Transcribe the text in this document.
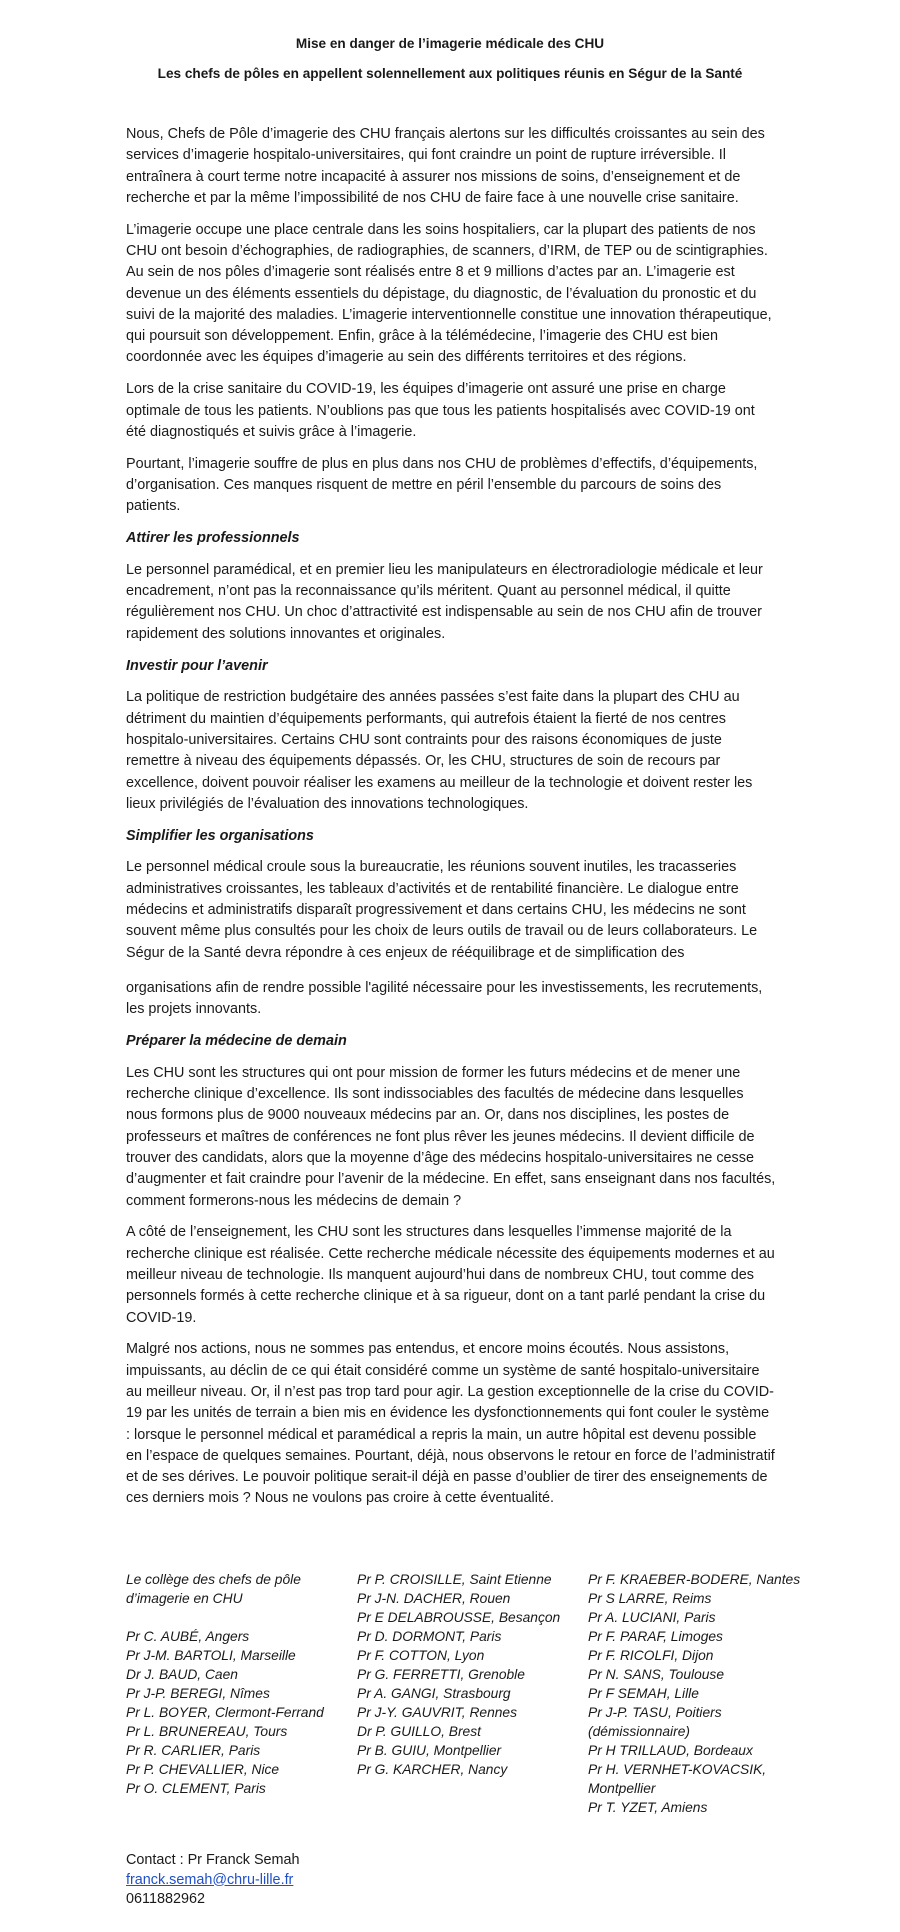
Mise en danger de l’imagerie médicale des CHU
Les chefs de pôles en appellent solennellement aux politiques réunis en Ségur de la Santé

Nous, Chefs de Pôle d’imagerie des CHU français alertons sur les difficultés croissantes au sein des services d’imagerie hospitalo-universitaires, qui font craindre un point de rupture irréversible. Il entraînera à court terme notre incapacité à assurer nos missions de soins, d’enseignement et de recherche et par la même l’impossibilité de nos CHU de faire face à une nouvelle crise sanitaire.

L’imagerie occupe une place centrale dans les soins hospitaliers, car la plupart des patients de nos CHU ont besoin d’échographies, de radiographies, de scanners, d’IRM, de TEP ou de scintigraphies. Au sein de nos pôles d’imagerie sont réalisés entre 8 et 9 millions d’actes par an. L’imagerie est devenue un des éléments essentiels du dépistage, du diagnostic, de l’évaluation du pronostic et du suivi de la majorité des maladies. L’imagerie interventionnelle constitue une innovation thérapeutique, qui poursuit son développement. Enfin, grâce à la télémédecine, l’imagerie des CHU est bien coordonnée avec les équipes d’imagerie au sein des différents territoires et des régions.

Lors de la crise sanitaire du COVID-19, les équipes d’imagerie ont assuré une prise en charge optimale de tous les patients. N’oublions pas que tous les patients hospitalisés avec COVID-19 ont été diagnostiqués et suivis grâce à l’imagerie.

Pourtant, l’imagerie souffre de plus en plus dans nos CHU de problèmes d’effectifs, d’équipements, d’organisation. Ces manques risquent de mettre en péril l’ensemble du parcours de soins des patients.

Attirer les professionnels

Le personnel paramédical, et en premier lieu les manipulateurs en électroradiologie médicale et leur encadrement, n’ont pas la reconnaissance qu’ils méritent. Quant au personnel médical, il quitte régulièrement nos CHU. Un choc d’attractivité est indispensable au sein de nos CHU afin de trouver rapidement des solutions innovantes et originales.

Investir pour l’avenir

La politique de restriction budgétaire des années passées s’est faite dans la plupart des CHU au détriment du maintien d’équipements performants, qui autrefois étaient la fierté de nos centres hospitalo-universitaires. Certains CHU sont contraints pour des raisons économiques de juste remettre à niveau des équipements dépassés. Or, les CHU, structures de soin de recours par excellence, doivent pouvoir réaliser les examens au meilleur de la technologie et doivent rester les lieux privilégiés de l’évaluation des innovations technologiques.

Simplifier les organisations

Le personnel médical croule sous la bureaucratie, les réunions souvent inutiles, les tracasseries administratives croissantes, les tableaux d’activités et de rentabilité financière. Le dialogue entre médecins et administratifs disparaît progressivement et dans certains CHU, les médecins ne sont souvent même plus consultés pour les choix de leurs outils de travail ou de leurs collaborateurs. Le Ségur de la Santé devra répondre à ces enjeux de rééquilibrage et de simplification des

organisations afin de rendre possible l'agilité nécessaire pour les investissements, les recrutements, les projets innovants.

Préparer la médecine de demain

Les CHU sont les structures qui ont pour mission de former les futurs médecins et de mener une recherche clinique d’excellence. Ils sont indissociables des facultés de médecine dans lesquelles nous formons plus de 9000 nouveaux médecins par an. Or, dans nos disciplines, les postes de professeurs et maîtres de conférences ne font plus rêver les jeunes médecins. Il devient difficile de trouver des candidats, alors que la moyenne d’âge des médecins hospitalo-universitaires ne cesse d’augmenter et fait craindre pour l’avenir de la médecine. En effet, sans enseignant dans nos facultés, comment formerons-nous les médecins de demain ?

A côté de l’enseignement, les CHU sont les structures dans lesquelles l’immense majorité de la recherche clinique est réalisée. Cette recherche médicale nécessite des équipements modernes et au meilleur niveau de technologie. Ils manquent aujourd’hui dans de nombreux CHU, tout comme des personnels formés à cette recherche clinique et à sa rigueur, dont on a tant parlé pendant la crise du COVID-19.

Malgré nos actions, nous ne sommes pas entendus, et encore moins écoutés. Nous assistons, impuissants, au déclin de ce qui était considéré comme un système de santé hospitalo-universitaire au meilleur niveau. Or, il n’est pas trop tard pour agir. La gestion exceptionnelle de la crise du COVID-19 par les unités de terrain a bien mis en évidence les dysfonctionnements qui font couler le système : lorsque le personnel médical et paramédical a repris la main, un autre hôpital est devenu possible en l’espace de quelques semaines. Pourtant, déjà, nous observons le retour en force de l’administratif et de ses dérives. Le pouvoir politique serait-il déjà en passe d’oublier de tirer des enseignements de ces derniers mois ? Nous ne voulons pas croire à cette éventualité.

Le collège des chefs de pôle d’imagerie en CHU
Pr C. AUBÉ, Angers
Pr J-M. BARTOLI, Marseille
Dr J. BAUD, Caen
Pr J-P. BEREGI, Nîmes
Pr L. BOYER, Clermont-Ferrand
Pr L. BRUNEREAU, Tours
Pr R. CARLIER, Paris
Pr P. CHEVALLIER, Nice
Pr O. CLEMENT, Paris
Pr P. CROISILLE, Saint Etienne
Pr J-N. DACHER, Rouen
Pr E DELABROUSSE, Besançon
Pr D. DORMONT, Paris
Pr F. COTTON, Lyon
Pr G. FERRETTI, Grenoble
Pr A. GANGI, Strasbourg
Pr J-Y. GAUVRIT, Rennes
Dr P. GUILLO, Brest
Pr B. GUIU, Montpellier
Pr G. KARCHER, Nancy
Pr F. KRAEBER-BODERE, Nantes
Pr S LARRE, Reims
Pr A. LUCIANI, Paris
Pr F. PARAF, Limoges
Pr F. RICOLFI, Dijon
Pr N. SANS, Toulouse
Pr F SEMAH, Lille
Pr J-P. TASU, Poitiers (démissionnaire)
Pr H TRILLAUD, Bordeaux
Pr H. VERNHET-KOVACSIK, Montpellier
Pr T. YZET, Amiens
Contact : Pr Franck Semah
franck.semah@chru-lille.fr
0611882962
